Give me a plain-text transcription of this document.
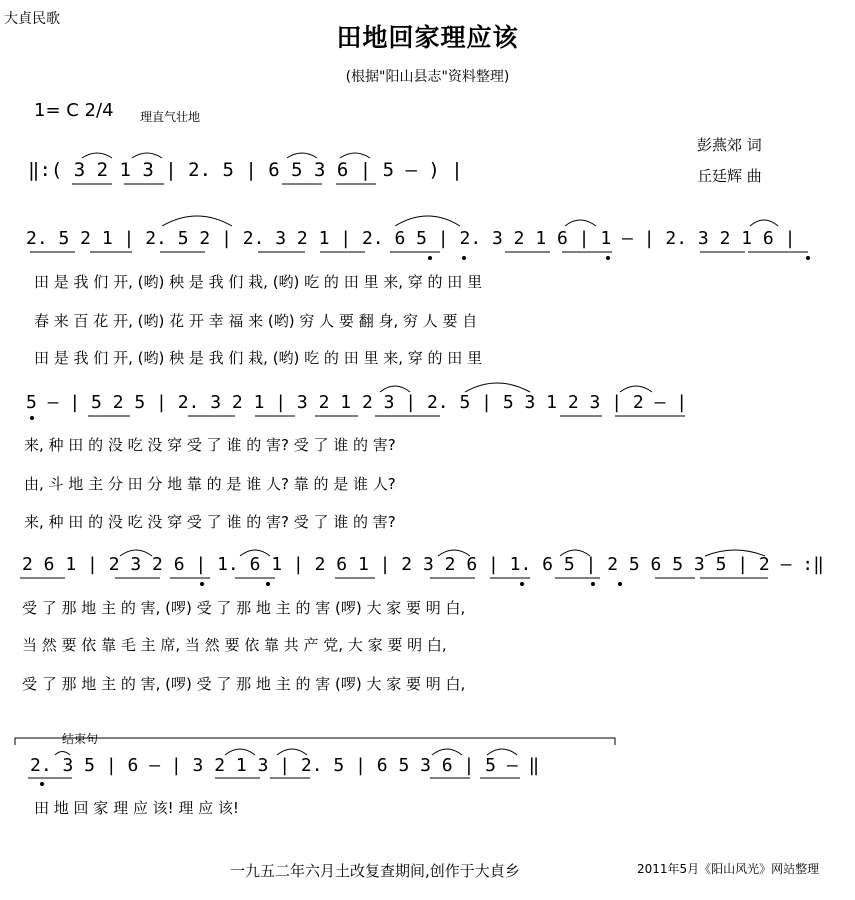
大貞民歌
田地回家理应该
(根据"阳山县志"资料整理)
1= C 2/4 理直气壮地
彭燕郊 词
丘廷辉 曲
‖:( 3 2 1 3 | 2. 5 | 6 5 3 6 | 5 – ) |
2. 5 2 1 | 2. 5 2 | 2. 3 2 1 | 2. 6 5 | 2. 3 2 1 6 | 1 – | 2. 3 2 1 6 |
田 是 我 们 开, (哟) 秧 是 我 们 栽, (哟) 吃 的 田 里 来, 穿 的 田 里
春 来 百 花 开, (哟) 花 开 幸 福 来 (哟) 穷 人 要 翻 身, 穷 人 要 自
田 是 我 们 开, (哟) 秧 是 我 们 栽, (哟) 吃 的 田 里 来, 穿 的 田 里
5 – | 5 2 5 | 2. 3 2 1 | 3 2 1 2 3 | 2. 5 | 5 3 1 2 3 | 2 – |
来, 种 田 的 没 吃 没 穿 受 了 谁 的 害? 受 了 谁 的 害?
由, 斗 地 主 分 田 分 地 靠 的 是 谁 人? 靠 的 是 谁 人?
来, 种 田 的 没 吃 没 穿 受 了 谁 的 害? 受 了 谁 的 害?
2 6 1 | 2 3 2 6 | 1. 6 1 | 2 6 1 | 2 3 2 6 | 1. 6 5 | 2 5 6 5 3 5 | 2 – :‖
受 了 那 地 主 的 害, (啰) 受 了 那 地 主 的 害 (啰) 大 家 要 明 白,
当 然 要 依 靠 毛 主 席, 当 然 要 依 靠 共 产 党, 大 家 要 明 白,
受 了 那 地 主 的 害, (啰) 受 了 那 地 主 的 害 (啰) 大 家 要 明 白,
结束句
2. 3 5 | 6 – | 3 2 1 3 | 2. 5 | 6 5 3 6 | 5 – ‖
田 地 回 家 理 应 该! 理 应 该!
一九五二年六月土改复查期间,创作于大貞乡	2011年5月《阳山风光》网站整理
